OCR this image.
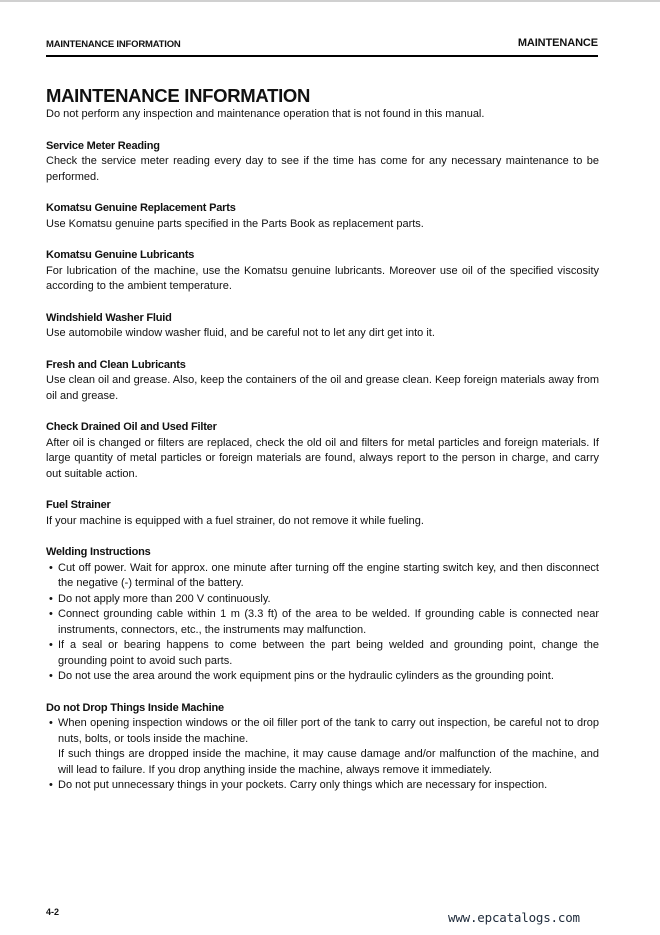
MAINTENANCE INFORMATION	MAINTENANCE
MAINTENANCE INFORMATION

Do not perform any inspection and maintenance operation that is not found in this manual.

Service Meter Reading

Check the service meter reading every day to see if the time has come for any necessary maintenance to be performed.

Komatsu Genuine Replacement Parts

Use Komatsu genuine parts specified in the Parts Book as replacement parts.

Komatsu Genuine Lubricants

For lubrication of the machine, use the Komatsu genuine lubricants. Moreover use oil of the specified viscosity according to the ambient temperature.

Windshield Washer Fluid

Use automobile window washer fluid, and be careful not to let any dirt get into it.

Fresh and Clean Lubricants

Use clean oil and grease. Also, keep the containers of the oil and grease clean. Keep foreign materials away from oil and grease.

Check Drained Oil and Used Filter

After oil is changed or filters are replaced, check the old oil and filters for metal particles and foreign materials. If large quantity of metal particles or foreign materials are found, always report to the person in charge, and carry out suitable action.

Fuel Strainer

If your machine is equipped with a fuel strainer, do not remove it while fueling.

Welding Instructions

• Cut off power. Wait for approx. one minute after turning off the engine starting switch key, and then disconnect the negative (-) terminal of the battery.
• Do not apply more than 200 V continuously.
• Connect grounding cable within 1 m (3.3 ft) of the area to be welded. If grounding cable is connected near instruments, connectors, etc., the instruments may malfunction.
• If a seal or bearing happens to come between the part being welded and grounding point, change the grounding point to avoid such parts.
• Do not use the area around the work equipment pins or the hydraulic cylinders as the grounding point.

Do not Drop Things Inside Machine

• When opening inspection windows or the oil filler port of the tank to carry out inspection, be careful not to drop nuts, bolts, or tools inside the machine.
If such things are dropped inside the machine, it may cause damage and/or malfunction of the machine, and will lead to failure. If you drop anything inside the machine, always remove it immediately.
• Do not put unnecessary things in your pockets. Carry only things which are necessary for inspection.
4-2	www.epcatalogs.com
